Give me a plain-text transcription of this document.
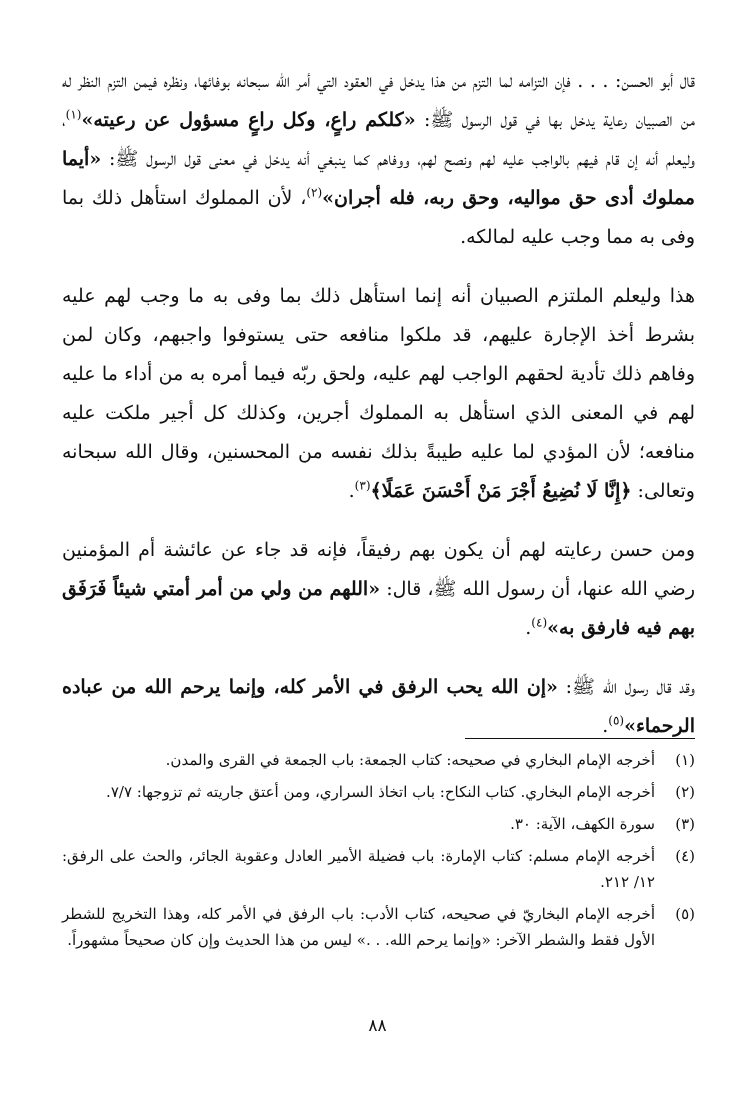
قال أبو الحسن: . . . فإن التزامه لما التزم من هذا يدخل في العقود التي أمر الله سبحانه بوفائها، ونظره فيمن التزم النظر له من الصبيان رعاية يدخل بها في قول الرسول ﷺ: «كلكم راعٍ، وكل راعٍ مسؤول عن رعيته»$^{(١)}$، وليعلم أنه إن قام فيهم بالواجب عليه لهم ونصح لهم، ووفاهم كما ينبغي أنه يدخل في معنى قول الرسول ﷺ: «أيما مملوك أدى حق مواليه، وحق ربه، فله أجران»$^{(٢)}$، لأن المملوك استأهل ذلك بما وفى به مما وجب عليه لمالكه.

هذا وليعلم الملتزم الصبيان أنه إنما استأهل ذلك بما وفى به ما وجب لهم عليه بشرط أخذ الإجارة عليهم، قد ملكوا منافعه حتى يستوفوا واجبهم، وكان لمن وفاهم ذلك تأدية لحقهم الواجب لهم عليه، ولحق ربّه فيما أمره به من أداء ما عليه لهم في المعنى الذي استأهل به المملوك أجرين، وكذلك كل أجير ملكت عليه منافعه؛ لأن المؤدي لما عليه طيبةً بذلك نفسه من المحسنين، وقال الله سبحانه وتعالى: ﴿إِنَّا لَا نُضِيعُ أَجْرَ مَنْ أَحْسَنَ عَمَلًا﴾$^{(٣)}$.

ومن حسن رعايته لهم أن يكون بهم رفيقاً، فإنه قد جاء عن عائشة أم المؤمنين رضي الله عنها، أن رسول الله ﷺ، قال: «اللهم من ولي من أمر أمتي شيئاً فَرَفَق بهم فيه فارفق به»$^{(٤)}$.

وقد قال رسول الله ﷺ: «إن الله يحب الرفق في الأمر كله، وإنما يرحم الله من عباده الرحماء»$^{(٥)}$.

(١)
أخرجه الإمام البخاري في صحيحه: كتاب الجمعة: باب الجمعة في القرى والمدن.
(٢)
أخرجه الإمام البخاري. كتاب النكاح: باب اتخاذ السراري، ومن أعتق جاريته ثم تزوجها: ٧/٧.
(٣)
سورة الكهف، الآية: ٣٠.
(٤)
أخرجه الإمام مسلم: كتاب الإمارة: باب فضيلة الأمير العادل وعقوبة الجائر، والحث على الرفق: ١٢/ ٢١٢.
(٥)
أخرجه الإمام البخاريّ في صحيحه، كتاب الأدب: باب الرفق في الأمر كله، وهذا التخريج للشطر الأول فقط والشطر الآخر: «وإنما يرحم الله. . .» ليس من هذا الحديث وإن كان صحيحاً مشهوراً.
٨٨
